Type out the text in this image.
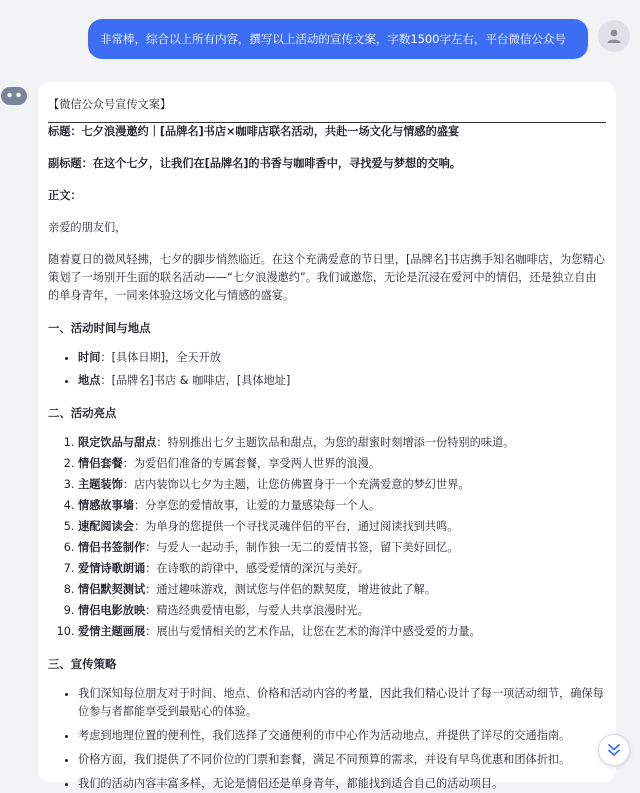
非常棒，综合以上所有内容，撰写以上活动的宣传文案，字数1500字左右，平台微信公众号

【微信公众号宣传文案】

标题：七夕浪漫邀约｜[品牌名]书店×咖啡店联名活动，共赴一场文化与情感的盛宴

副标题：在这个七夕，让我们在[品牌名]的书香与咖啡香中，寻找爱与梦想的交响。

正文：

亲爱的朋友们，

随着夏日的微风轻拂，七夕的脚步悄然临近。在这个充满爱意的节日里，[品牌名]书店携手知名咖啡店，为您精心策划了一场别开生面的联名活动——“七夕浪漫邀约”。我们诚邀您，无论是沉浸在爱河中的情侣，还是独立自由的单身青年，一同来体验这场文化与情感的盛宴。

一、活动时间与地点
• 时间：[具体日期]，全天开放
• 地点：[品牌名]书店 & 咖啡店，[具体地址]
二、活动亮点
1. 限定饮品与甜点：特别推出七夕主题饮品和甜点，为您的甜蜜时刻增添一份特别的味道。
2. 情侣套餐：为爱侣们准备的专属套餐，享受两人世界的浪漫。
3. 主题装饰：店内装饰以七夕为主题，让您仿佛置身于一个充满爱意的梦幻世界。
4. 情感故事墙：分享您的爱情故事，让爱的力量感染每一个人。
5. 速配阅读会：为单身的您提供一个寻找灵魂伴侣的平台，通过阅读找到共鸣。
6. 情侣书签制作：与爱人一起动手，制作独一无二的爱情书签，留下美好回忆。
7. 爱情诗歌朗诵：在诗歌的韵律中，感受爱情的深沉与美好。
8. 情侣默契测试：通过趣味游戏，测试您与伴侣的默契度，增进彼此了解。
9. 情侣电影放映：精选经典爱情电影，与爱人共享浪漫时光。
10. 爱情主题画展：展出与爱情相关的艺术作品，让您在艺术的海洋中感受爱的力量。
三、宣传策略
• 我们深知每位朋友对于时间、地点、价格和活动内容的考量，因此我们精心设计了每一项活动细节，确保每位参与者都能享受到最贴心的体验。
• 考虑到地理位置的便利性，我们选择了交通便利的市中心作为活动地点，并提供了详尽的交通指南。
• 价格方面，我们提供了不同价位的门票和套餐，满足不同预算的需求，并设有早鸟优惠和团体折扣。
• 我们的活动内容丰富多样，无论是情侣还是单身青年，都能找到适合自己的活动项目。
